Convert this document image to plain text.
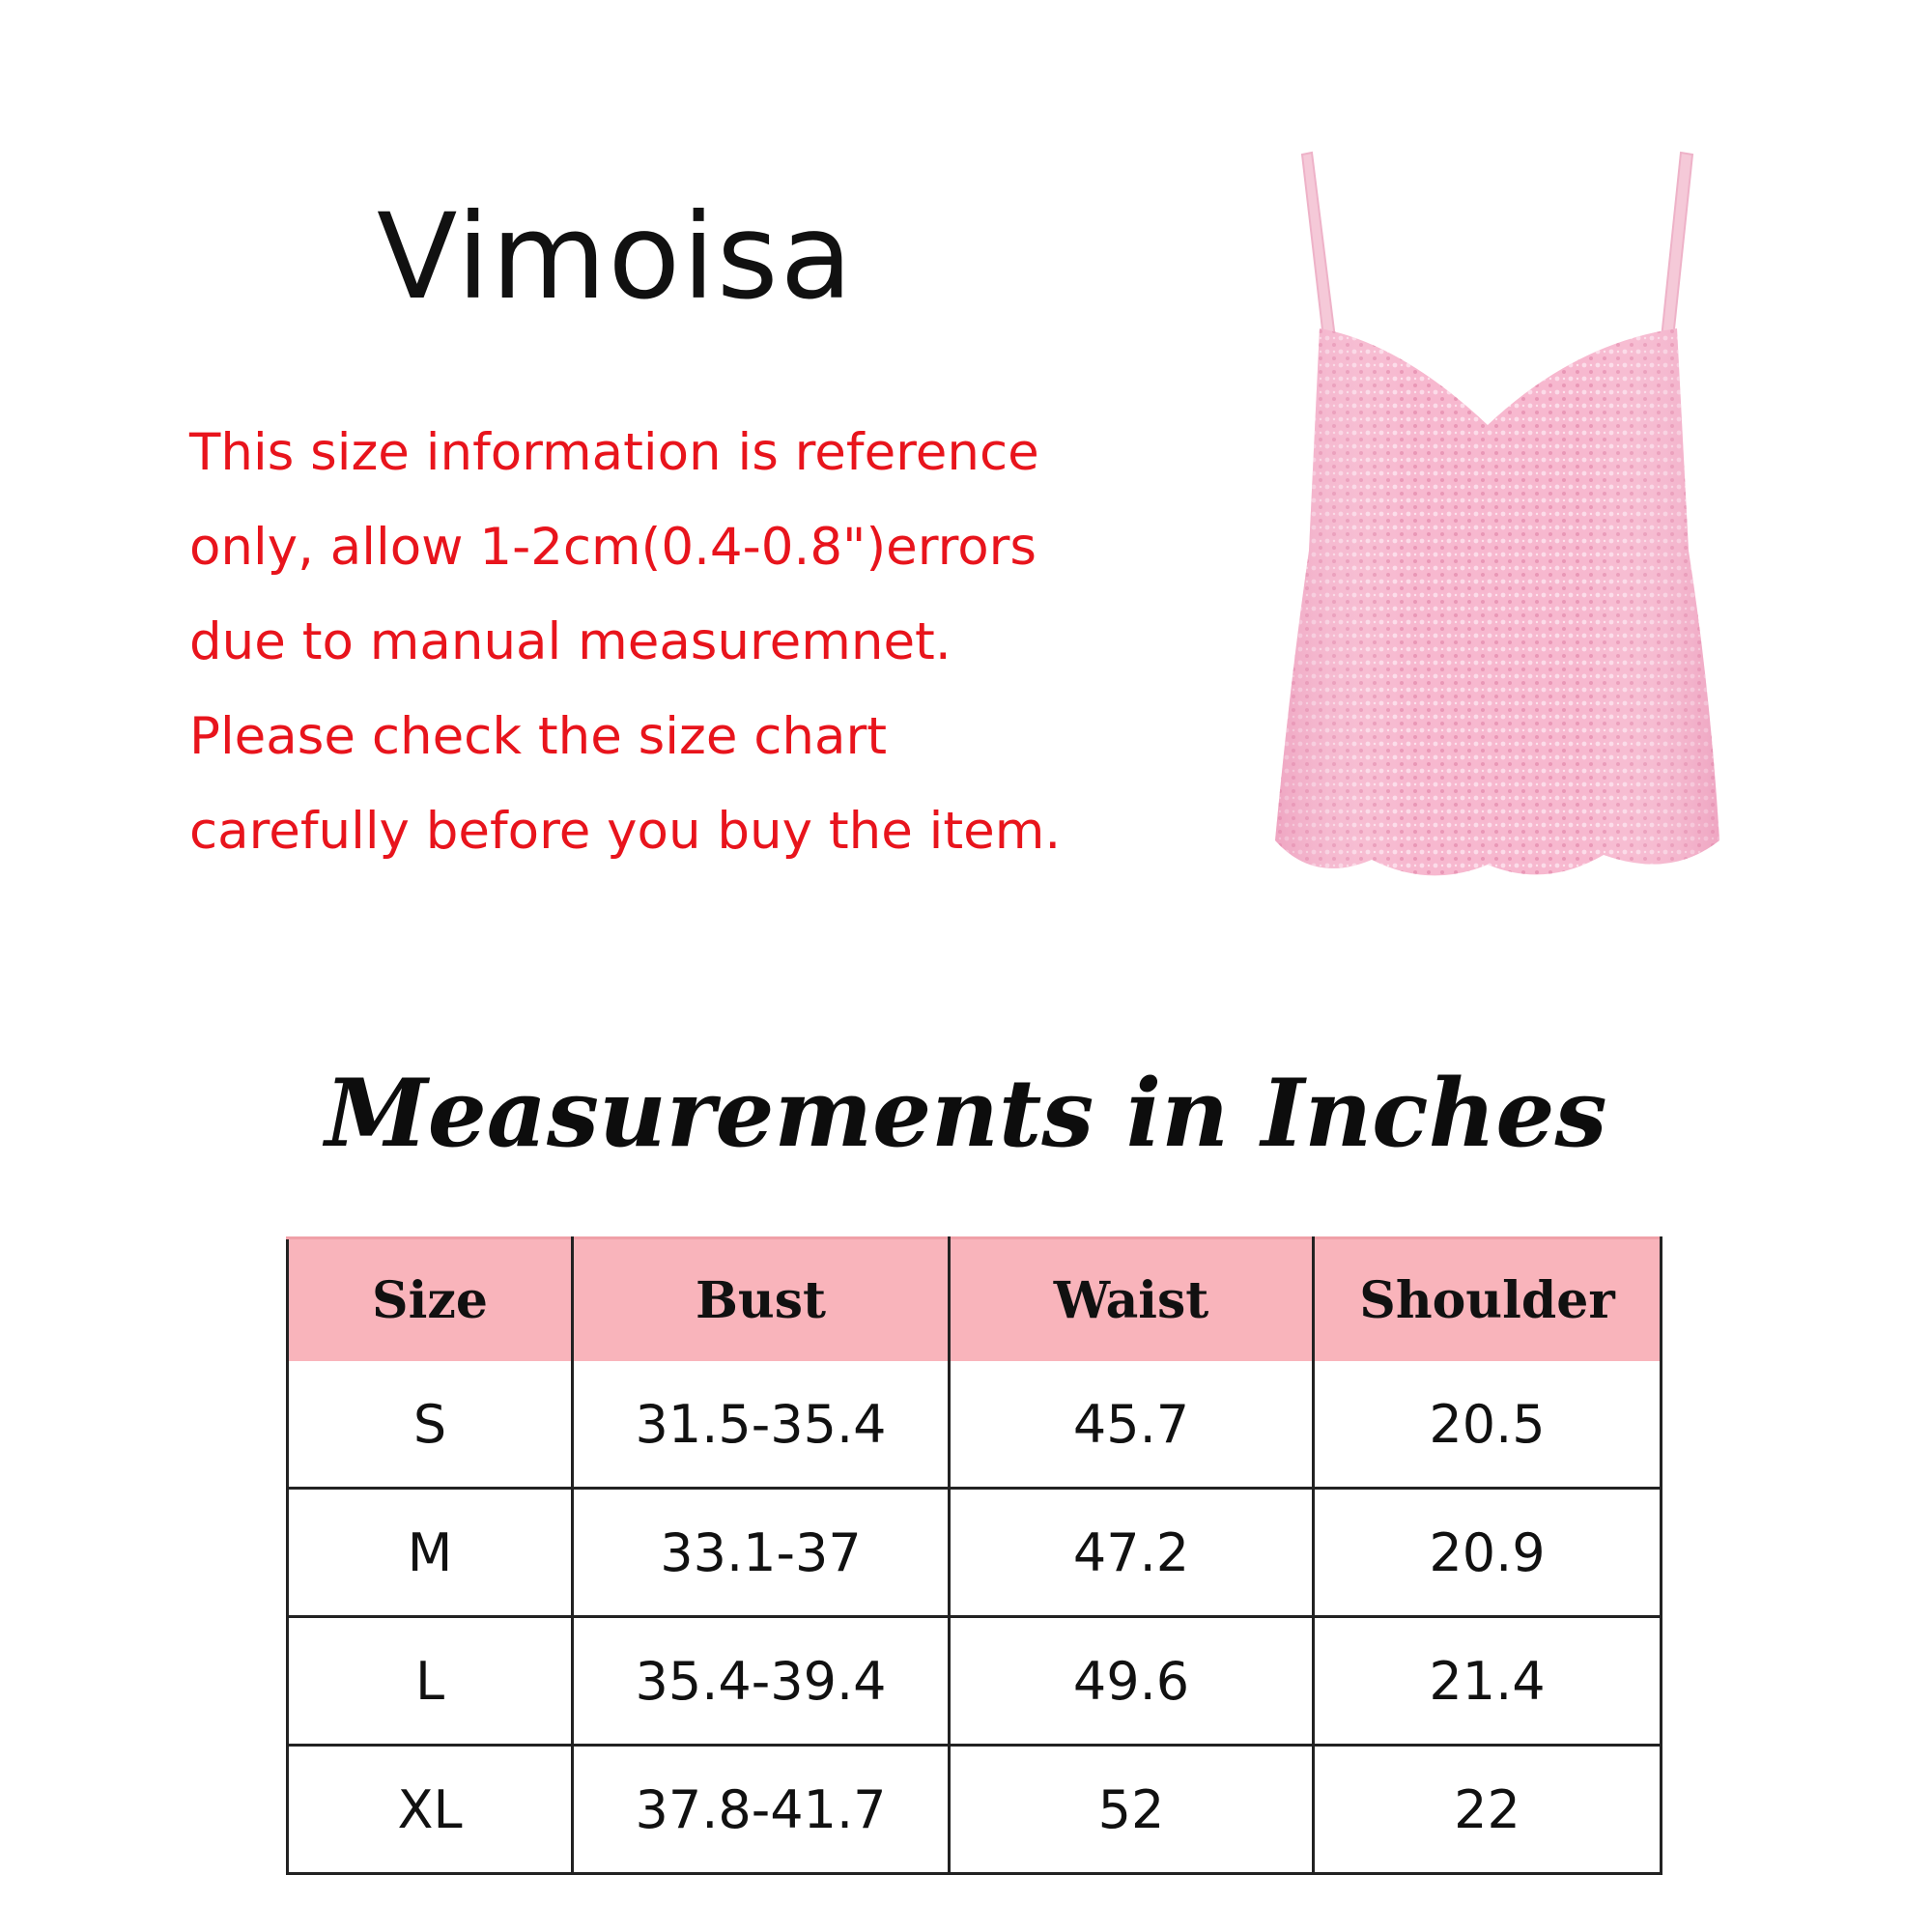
Vimoisa
This size information is reference
only, allow 1-2cm(0.4-0.8")errors
due to manual measuremnet.
Please check the size chart
carefully before you buy the item.
Measurements in Inches
Size	Bust	Waist	Shoulder
S	31.5-35.4	45.7	20.5
M	33.1-37	47.2	20.9
L	35.4-39.4	49.6	21.4
XL	37.8-41.7	52	22
